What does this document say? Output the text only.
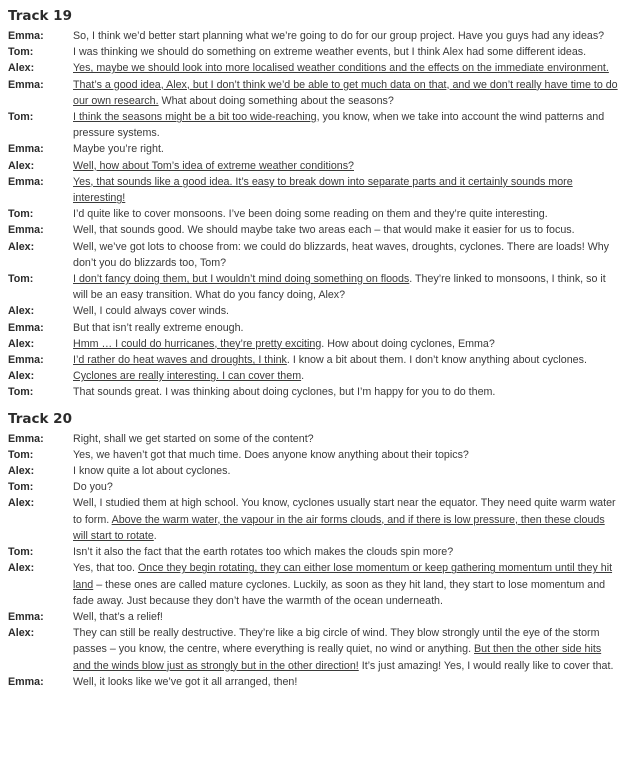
Track 19
Emma:	So, I think we’d better start planning what we’re going to do for our group project. Have you guys had any ideas?
Tom:	I was thinking we should do something on extreme weather events, but I think Alex had some different ideas.
Alex:	Yes, maybe we should look into more localised weather conditions and the effects on the immediate environment.
Emma:	That’s a good idea, Alex, but I don’t think we’d be able to get much data on that, and we don’t really have time to do our own research. What about doing something about the seasons?
Tom:	I think the seasons might be a bit too wide-reaching, you know, when we take into account the wind patterns and pressure systems.
Emma:	Maybe you’re right.
Alex:	Well, how about Tom’s idea of extreme weather conditions?
Emma:	Yes, that sounds like a good idea. It’s easy to break down into separate parts and it certainly sounds more interesting!
Tom:	I’d quite like to cover monsoons. I’ve been doing some reading on them and they’re quite interesting.
Emma:	Well, that sounds good. We should maybe take two areas each – that would make it easier for us to focus.
Alex:	Well, we’ve got lots to choose from: we could do blizzards, heat waves, droughts, cyclones. There are loads! Why don’t you do blizzards too, Tom?
Tom:	I don’t fancy doing them, but I wouldn’t mind doing something on floods. They’re linked to monsoons, I think, so it will be an easy transition. What do you fancy doing, Alex?
Alex:	Well, I could always cover winds.
Emma:	But that isn’t really extreme enough.
Alex:	Hmm … I could do hurricanes, they’re pretty exciting. How about doing cyclones, Emma?
Emma:	I’d rather do heat waves and droughts, I think. I know a bit about them. I don’t know anything about cyclones.
Alex:	Cyclones are really interesting. I can cover them.
Tom:	That sounds great. I was thinking about doing cyclones, but I’m happy for you to do them.
Track 20
Emma:	Right, shall we get started on some of the content?
Tom:	Yes, we haven’t got that much time. Does anyone know anything about their topics?
Alex:	I know quite a lot about cyclones.
Tom:	Do you?
Alex:	Well, I studied them at high school. You know, cyclones usually start near the equator. They need quite warm water to form. Above the warm water, the vapour in the air forms clouds, and if there is low pressure, then these clouds will start to rotate.
Tom:	Isn’t it also the fact that the earth rotates too which makes the clouds spin more?
Alex:	Yes, that too. Once they begin rotating, they can either lose momentum or keep gathering momentum until they hit land – these ones are called mature cyclones. Luckily, as soon as they hit land, they start to lose momentum and fade away. Just because they don’t have the warmth of the ocean underneath.
Emma:	Well, that’s a relief!
Alex:	They can still be really destructive. They’re like a big circle of wind. They blow strongly until the eye of the storm passes – you know, the centre, where everything is really quiet, no wind or anything. But then the other side hits and the winds blow just as strongly but in the other direction! It’s just amazing! Yes, I would really like to cover that.
Emma:	Well, it looks like we’ve got it all arranged, then!
